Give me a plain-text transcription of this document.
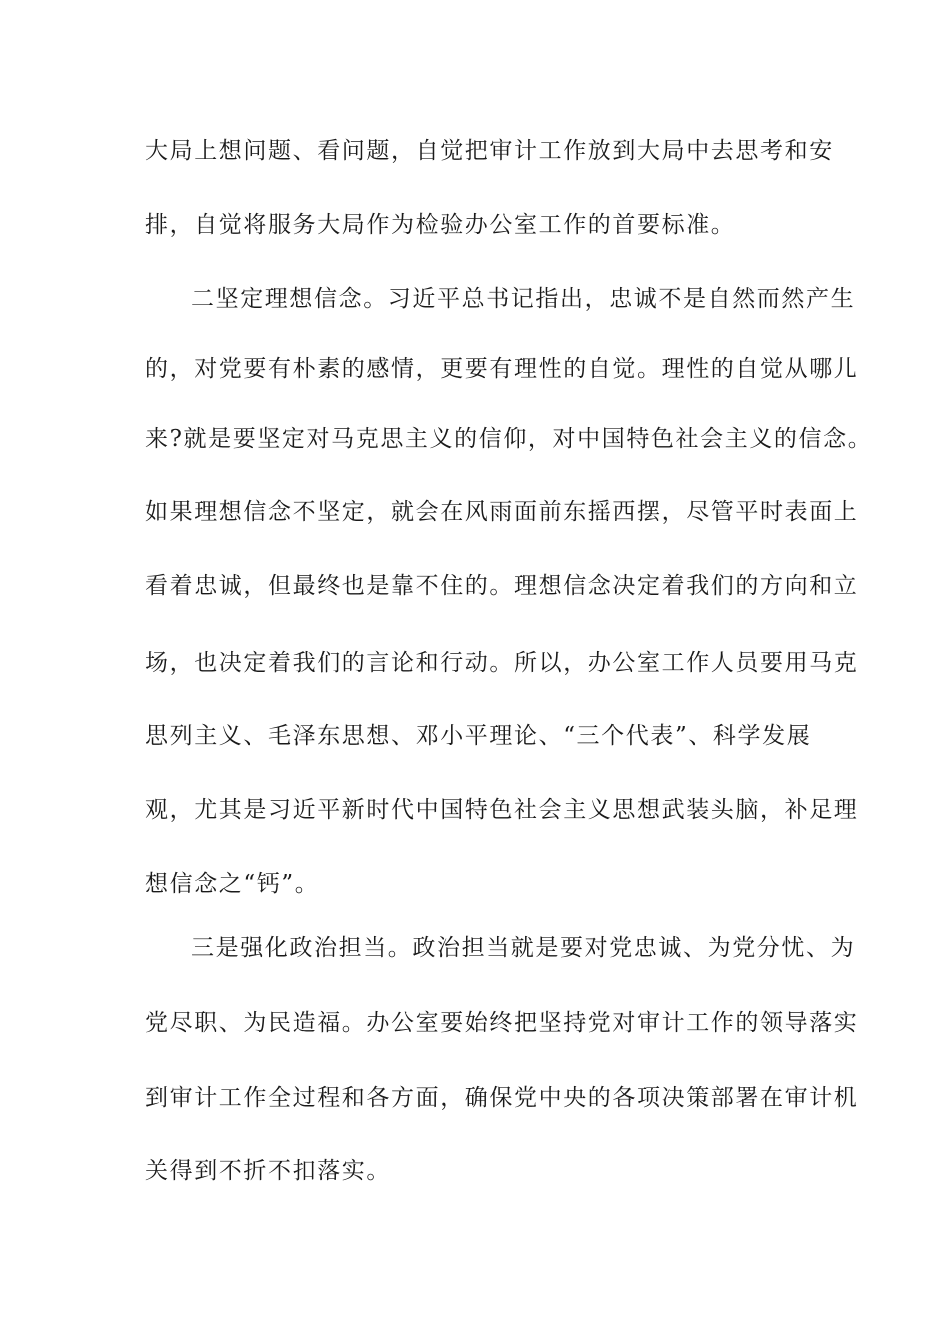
大局上想问题、看问题，自觉把审计工作放到大局中去思考和安
排，自觉将服务大局作为检验办公室工作的首要标准。
二坚定理想信念。习近平总书记指出，忠诚不是自然而然产生
的，对党要有朴素的感情，更要有理性的自觉。理性的自觉从哪儿
来?就是要坚定对马克思主义的信仰，对中国特色社会主义的信念。
如果理想信念不坚定，就会在风雨面前东摇西摆，尽管平时表面上
看着忠诚，但最终也是靠不住的。理想信念决定着我们的方向和立
场，也决定着我们的言论和行动。所以，办公室工作人员要用马克
思列主义、毛泽东思想、邓小平理论、“三个代表”、科学发展
观，尤其是习近平新时代中国特色社会主义思想武装头脑，补足理
想信念之“钙”。
三是强化政治担当。政治担当就是要对党忠诚、为党分忧、为
党尽职、为民造福。办公室要始终把坚持党对审计工作的领导落实
到审计工作全过程和各方面，确保党中央的各项决策部署在审计机
关得到不折不扣落实。
